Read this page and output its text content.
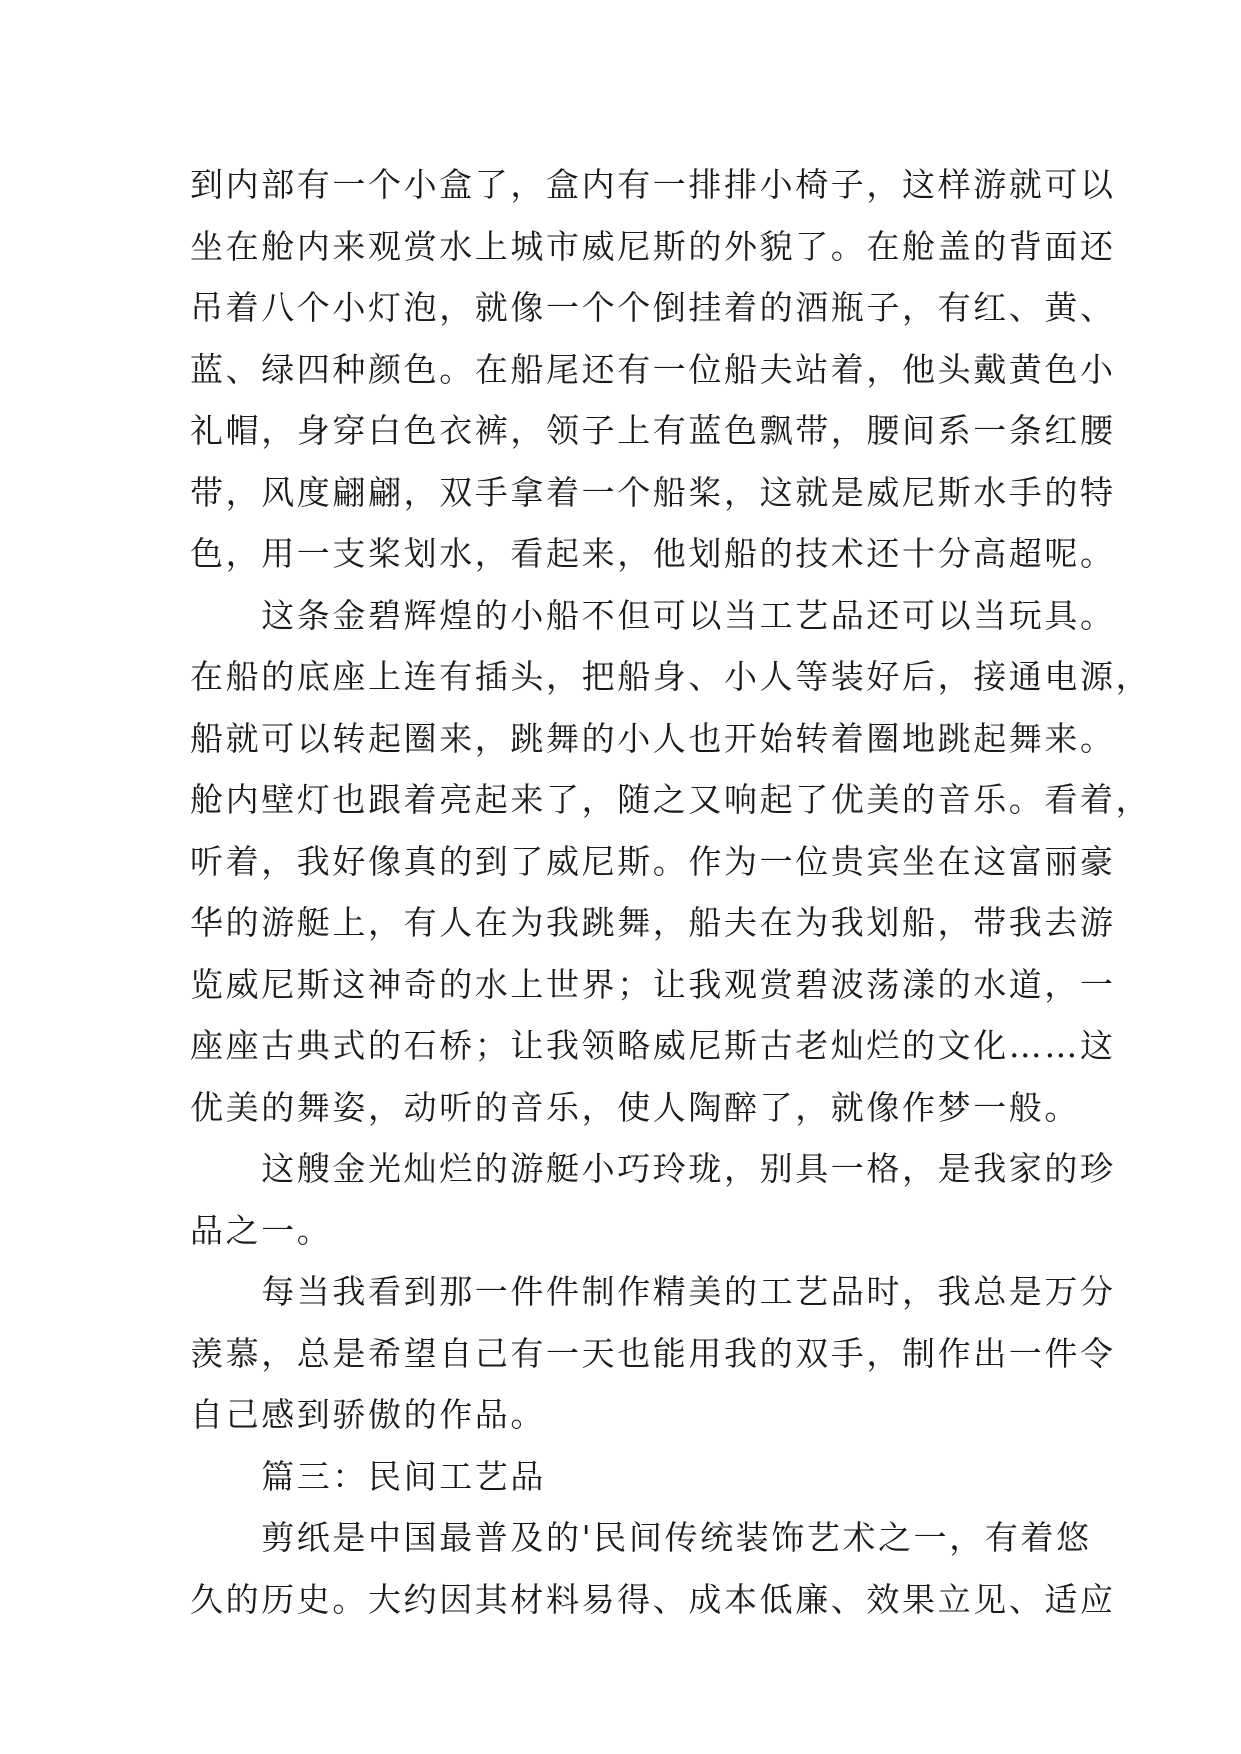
到内部有一个小盒了，盒内有一排排小椅子，这样游就可以
坐在舱内来观赏水上城市威尼斯的外貌了。在舱盖的背面还
吊着八个小灯泡，就像一个个倒挂着的酒瓶子，有红、黄、
蓝、绿四种颜色。在船尾还有一位船夫站着，他头戴黄色小
礼帽，身穿白色衣裤，领子上有蓝色飘带，腰间系一条红腰
带，风度翩翩，双手拿着一个船桨，这就是威尼斯水手的特
色，用一支桨划水，看起来，他划船的技术还十分高超呢。
　　这条金碧辉煌的小船不但可以当工艺品还可以当玩具。
在船的底座上连有插头，把船身、小人等装好后，接通电源，
船就可以转起圈来，跳舞的小人也开始转着圈地跳起舞来。
舱内壁灯也跟着亮起来了，随之又响起了优美的音乐。看着，
听着，我好像真的到了威尼斯。作为一位贵宾坐在这富丽豪
华的游艇上，有人在为我跳舞，船夫在为我划船，带我去游
览威尼斯这神奇的水上世界；让我观赏碧波荡漾的水道，一
座座古典式的石桥；让我领略威尼斯古老灿烂的文化……这
优美的舞姿，动听的音乐，使人陶醉了，就像作梦一般。
　　这艘金光灿烂的游艇小巧玲珑，别具一格，是我家的珍
品之一。
　　每当我看到那一件件制作精美的工艺品时，我总是万分
羡慕，总是希望自己有一天也能用我的双手，制作出一件令
自己感到骄傲的作品。
　　篇三：民间工艺品
　　剪纸是中国最普及的'民间传统装饰艺术之一，有着悠
久的历史。大约因其材料易得、成本低廉、效果立见、适应
